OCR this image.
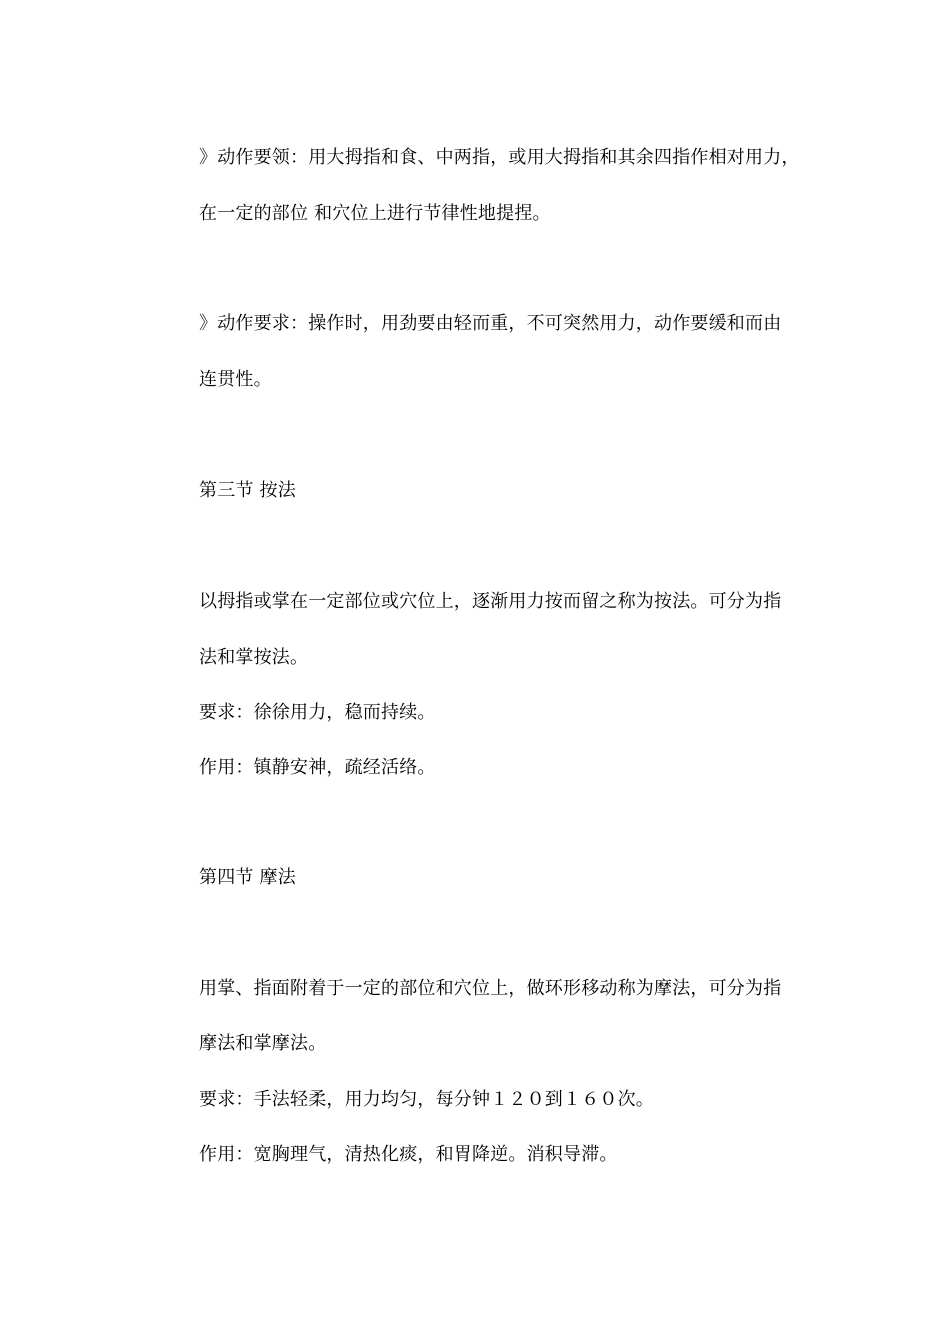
》动作要领：用大拇指和食、中两指，或用大拇指和其余四指作相对用力，
在一定的部位 和穴位上进行节律性地提捏。
》动作要求：操作时，用劲要由轻而重，不可突然用力，动作要缓和而由
连贯性。
第三节 按法
以拇指或掌在一定部位或穴位上，逐渐用力按而留之称为按法。可分为指
法和掌按法。
要求：徐徐用力，稳而持续。
作用：镇静安神，疏经活络。
第四节 摩法
用掌、指面附着于一定的部位和穴位上，做环形移动称为摩法，可分为指
摩法和掌摩法。
要求：手法轻柔，用力均匀，每分钟１２０到１６０次。
作用：宽胸理气，清热化痰，和胃降逆。消积导滞。
